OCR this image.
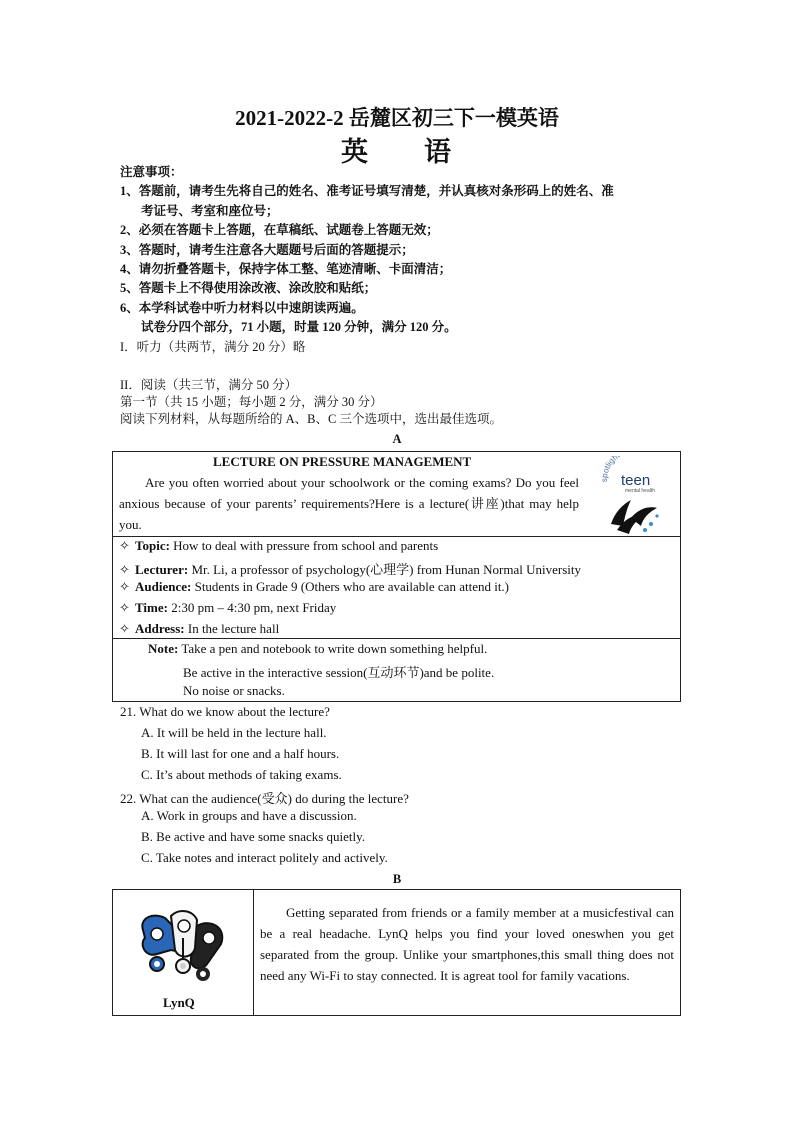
2021-2022-2 岳麓区初三下一模英语
英 语
注意事项：
1、答题前，请考生先将自己的姓名、准考证号填写清楚，并认真核对条形码上的姓名、准
考证号、考室和座位号；
2、必须在答题卡上答题，在草稿纸、试题卷上答题无效；
3、答题时，请考生注意各大题题号后面的答题提示；
4、请勿折叠答题卡，保持字体工整、笔迹清晰、卡面清洁；
5、答题卡上不得使用涂改液、涂改胶和贴纸；
6、本学科试卷中听力材料以中速朗读两遍。
试卷分四个部分，71 小题，时量 120 分钟，满分 120 分。
I．听力（共两节，满分 20 分）略
II．阅读（共三节，满分 50 分）
第一节（共 15 小题；每小题 2 分，满分 30 分）
阅读下列材料，从每题所给的 A、B、C 三个选项中，选出最佳选项。
A
LECTURE ON PRESSURE MANAGEMENT
Are you often worried about your schoolwork or the coming exams? Do you feel anxious because of your parents’ requirements?Here is a lecture(讲座)that may help you.
otligh
teen
mental health
✧ Topic: How to deal with pressure from school and parents
✧ Lecturer: Mr. Li, a professor of psychology(心理学) from Hunan Normal University
✧ Audience: Students in Grade 9 (Others who are available can attend it.)
✧ Time: 2:30 pm – 4:30 pm, next Friday
✧ Address: In the lecture hall
Note: Take a pen and notebook to write down something helpful.
Be active in the interactive session(互动环节)and be polite.
No noise or snacks.
21. What do we know about the lecture?
A. It will be held in the lecture hall.
B. It will last for one and a half hours.
C. It’s about methods of taking exams.
22. What can the audience(受众) do during the lecture?
A. Work in groups and have a discussion.
B. Be active and have some snacks quietly.
C. Take notes and interact politely and actively.
B
LynQ
Getting separated from friends or a family member at a musicfestival can be a real headache. LynQ helps you find your loved oneswhen you get separated from the group. Unlike your smartphones,this small thing does not need any Wi-Fi to stay connected. It is agreat tool for family vacations.
